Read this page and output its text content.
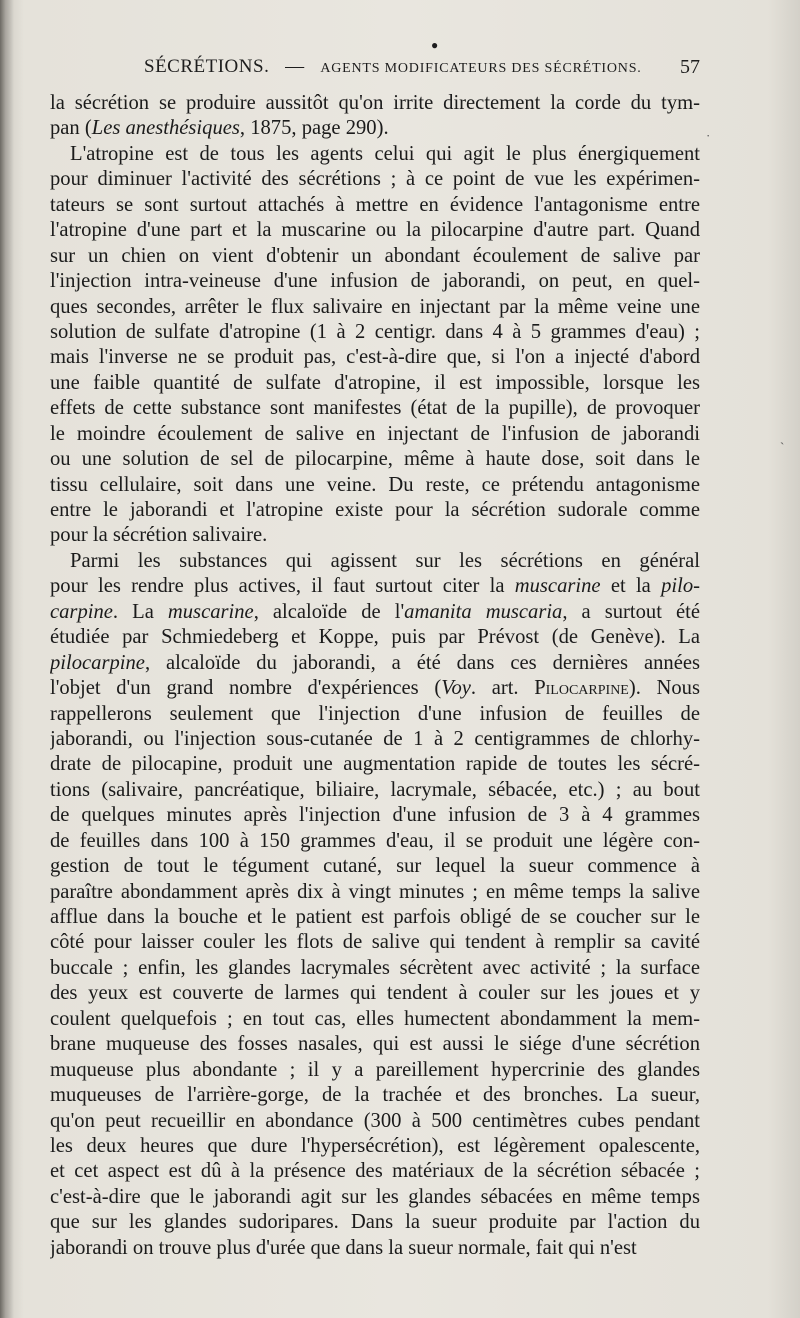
●
SÉCRÉTIONS. — AGENTS MODIFICATEURS DES SÉCRÉTIONS. 57
la sécrétion se produire aussitôt qu'on irrite directement la corde du tym-
pan (Les anesthésiques, 1875, page 290).
L'atropine est de tous les agents celui qui agit le plus énergiquement
pour diminuer l'activité des sécrétions ; à ce point de vue les expérimen-
tateurs se sont surtout attachés à mettre en évidence l'antagonisme entre
l'atropine d'une part et la muscarine ou la pilocarpine d'autre part. Quand
sur un chien on vient d'obtenir un abondant écoulement de salive par
l'injection intra-veineuse d'une infusion de jaborandi, on peut, en quel-
ques secondes, arrêter le flux salivaire en injectant par la même veine une
solution de sulfate d'atropine (1 à 2 centigr. dans 4 à 5 grammes d'eau) ;
mais l'inverse ne se produit pas, c'est-à-dire que, si l'on a injecté d'abord
une faible quantité de sulfate d'atropine, il est impossible, lorsque les
effets de cette substance sont manifestes (état de la pupille), de provoquer
le moindre écoulement de salive en injectant de l'infusion de jaborandi
ou une solution de sel de pilocarpine, même à haute dose, soit dans le
tissu cellulaire, soit dans une veine. Du reste, ce prétendu antagonisme
entre le jaborandi et l'atropine existe pour la sécrétion sudorale comme
pour la sécrétion salivaire.
Parmi les substances qui agissent sur les sécrétions en général
pour les rendre plus actives, il faut surtout citer la muscarine et la pilo-
carpine. La muscarine, alcaloïde de l'amanita muscaria, a surtout été
étudiée par Schmiedeberg et Koppe, puis par Prévost (de Genève). La
pilocarpine, alcaloïde du jaborandi, a été dans ces dernières années
l'objet d'un grand nombre d'expériences (Voy. art. Pilocarpine). Nous
rappellerons seulement que l'injection d'une infusion de feuilles de
jaborandi, ou l'injection sous-cutanée de 1 à 2 centigrammes de chlorhy-
drate de pilocapine, produit une augmentation rapide de toutes les sécré-
tions (salivaire, pancréatique, biliaire, lacrymale, sébacée, etc.) ; au bout
de quelques minutes après l'injection d'une infusion de 3 à 4 grammes
de feuilles dans 100 à 150 grammes d'eau, il se produit une légère con-
gestion de tout le tégument cutané, sur lequel la sueur commence à
paraître abondamment après dix à vingt minutes ; en même temps la salive
afflue dans la bouche et le patient est parfois obligé de se coucher sur le
côté pour laisser couler les flots de salive qui tendent à remplir sa cavité
buccale ; enfin, les glandes lacrymales sécrètent avec activité ; la surface
des yeux est couverte de larmes qui tendent à couler sur les joues et y
coulent quelquefois ; en tout cas, elles humectent abondamment la mem-
brane muqueuse des fosses nasales, qui est aussi le siége d'une sécrétion
muqueuse plus abondante ; il y a pareillement hypercrinie des glandes
muqueuses de l'arrière-gorge, de la trachée et des bronches. La sueur,
qu'on peut recueillir en abondance (300 à 500 centimètres cubes pendant
les deux heures que dure l'hypersécrétion), est légèrement opalescente,
et cet aspect est dû à la présence des matériaux de la sécrétion sébacée ;
c'est-à-dire que le jaborandi agit sur les glandes sébacées en même temps
que sur les glandes sudoripares. Dans la sueur produite par l'action du
jaborandi on trouve plus d'urée que dans la sueur normale, fait qui n'est
·
ˎ
